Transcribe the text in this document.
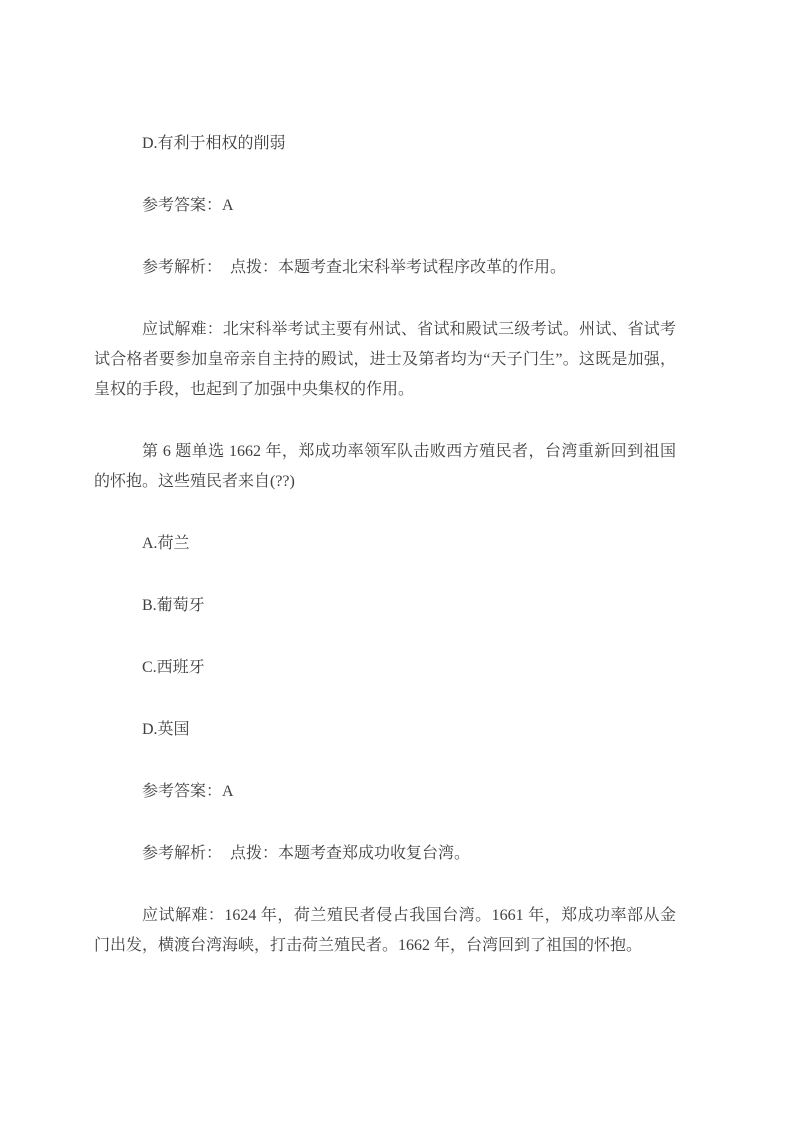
D.有利于相权的削弱

参考答案：A

参考解析：　点拨：本题考查北宋科举考试程序改革的作用。

应试解难：北宋科举考试主要有州试、省试和殿试三级考试。州试、省试考试合格者要参加皇帝亲自主持的殿试，进士及第者均为“天子门生”。这既是加强，皇权的手段，也起到了加强中央集权的作用。

第 6 题单选 1662 年，郑成功率领军队击败西方殖民者，台湾重新回到祖国的怀抱。这些殖民者来自(??)

A.荷兰

B.葡萄牙

C.西班牙

D.英国

参考答案：A

参考解析：　点拨：本题考查郑成功收复台湾。

应试解难：1624 年，荷兰殖民者侵占我国台湾。1661 年，郑成功率部从金门出发，横渡台湾海峡，打击荷兰殖民者。1662 年，台湾回到了祖国的怀抱。
